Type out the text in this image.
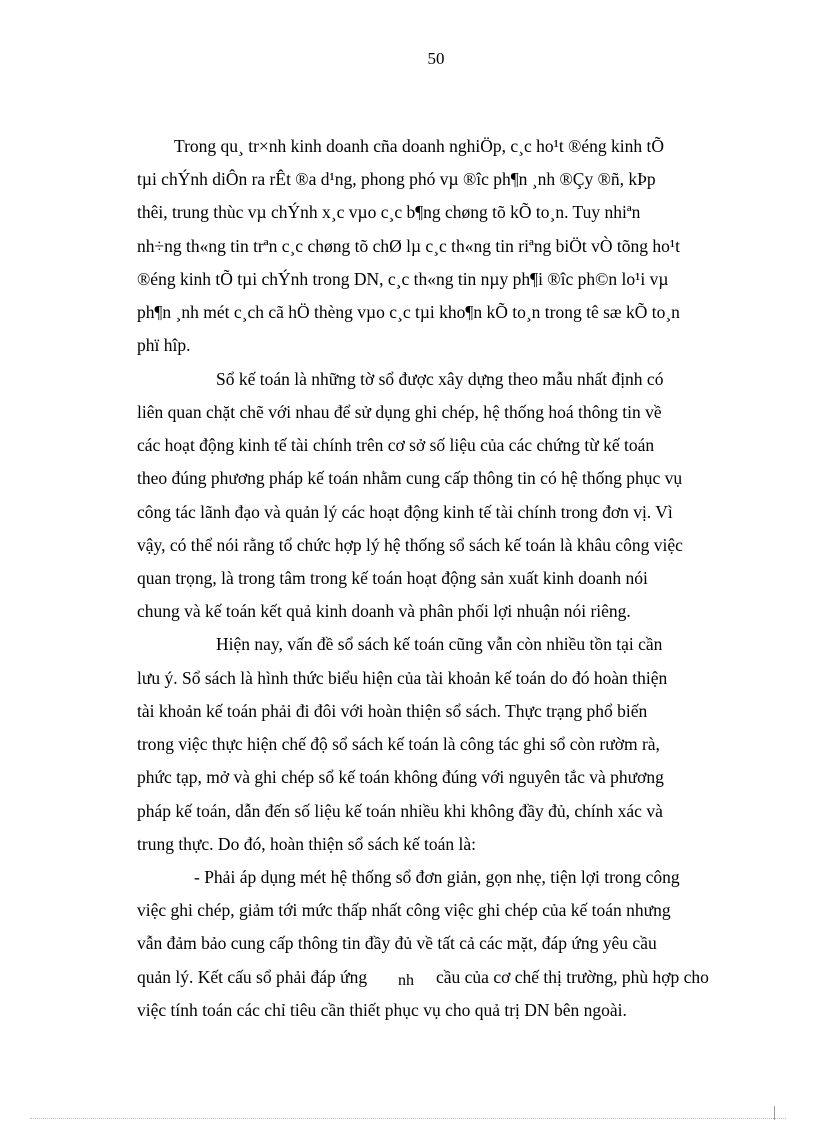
50
Trong qu¸ tr×nh kinh doanh cña doanh nghiÖp, c¸c ho¹t ®éng kinh tÕ
tµi chÝnh diÔn ra rÊt ®a d¹ng, phong phó vµ ®îc ph¶n ¸nh ®Çy ®ñ, kÞp
thêi, trung thùc vµ chÝnh x¸c vµo c¸c b¶ng chøng tõ kÕ to¸n. Tuy nhiªn
nh÷ng th«ng tin trªn c¸c chøng tõ chØ lµ c¸c th«ng tin riªng biÖt vÒ tõng ho¹t
®éng kinh tÕ tµi chÝnh trong DN, c¸c th«ng tin nµy ph¶i ®îc ph©n lo¹i vµ
ph¶n ¸nh mét c¸ch cã hÖ thèng vµo c¸c tµi kho¶n kÕ to¸n trong tê sæ kÕ to¸n
phï hîp.
Sổ kế toán là những tờ sổ được xây dựng theo mẫu nhất định có
liên quan chặt chẽ với nhau để sử dụng ghi chép, hệ thống hoá thông tin về
các hoạt động kinh tế tài chính trên cơ sở số liệu của các chứng từ kế toán
theo đúng phương pháp kế toán nhằm cung cấp thông tin có hệ thống phục vụ
công tác lãnh đạo và quản lý các hoạt động kinh tế tài chính trong đơn vị. Vì
vậy, có thể nói rằng tổ chức hợp lý hệ thống sổ sách kế toán là khâu công việc
quan trọng, là trong tâm trong kế toán hoạt động sản xuất kinh doanh nói
chung và kế toán kết quả kinh doanh và phân phối lợi nhuận nói riêng.
Hiện nay, vấn đề sổ sách kế toán cũng vẫn còn nhiều tồn tại cần
lưu ý. Sổ sách là hình thức biểu hiện của tài khoản kế toán do đó hoàn thiện
tài khoản kế toán phải đi đôi với hoàn thiện sổ sách. Thực trạng phổ biến
trong việc thực hiện chế độ sổ sách kế toán là công tác ghi sổ còn rườm rà,
phức tạp, mở và ghi chép sổ kế toán không đúng với nguyên tắc và phương
pháp kế toán, dẫn đến số liệu kế toán nhiều khi không đầy đủ, chính xác và
trung thực. Do đó, hoàn thiện sổ sách kế toán là:
- Phải áp dụng mét hệ thống sổ đơn giản, gọn nhẹ, tiện lợi trong công
việc ghi chép, giảm tới mức thấp nhất công việc ghi chép của kế toán nhưng
vẫn đảm bảo cung cấp thông tin đầy đủ về tất cả các mặt, đáp ứng yêu cầu
quản lý. Kết cấu sổ phải đáp ứng nh cầu của cơ chế thị trường, phù hợp cho
việc tính toán các chỉ tiêu cần thiết phục vụ cho quả trị DN bên ngoài.
